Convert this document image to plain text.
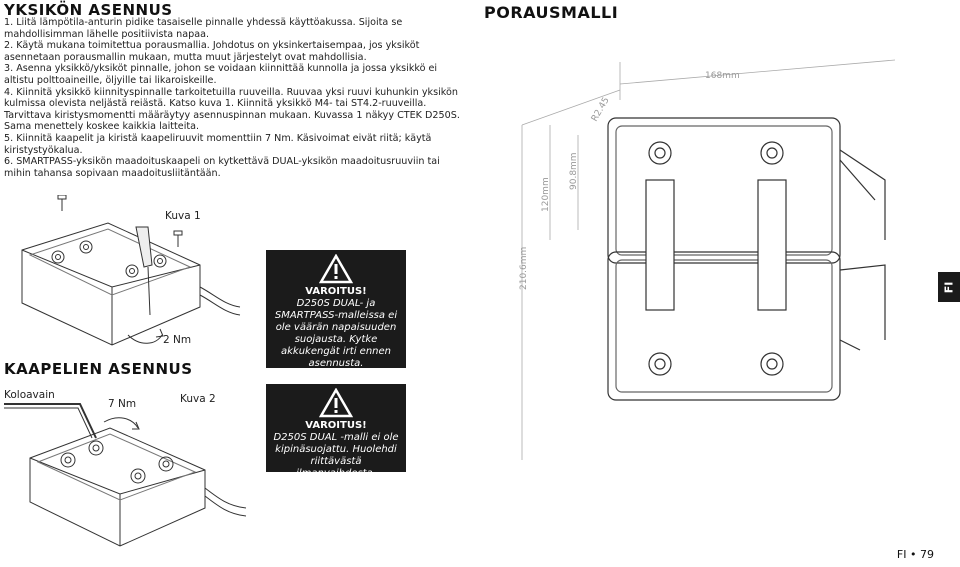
YKSIKÖN ASENNUS

1. Liitä lämpötila-anturin pidike tasaiselle pinnalle yhdessä käyttöakussa. Sijoita se mahdollisimman lähelle positiivista napaa.

2. Käytä mukana toimitettua porausmallia. Johdotus on yksinkertaisempaa, jos yksiköt asennetaan porausmallin mukaan, mutta muut järjestelyt ovat mahdollisia.

3. Asenna yksikkö/yksiköt pinnalle, johon se voidaan kiinnittää kunnolla ja jossa yksikkö ei altistu polttoaineille, öljyille tai likaroiskeille.

4. Kiinnitä yksikkö kiinnityspinnalle tarkoitetuilla ruuveilla. Ruuvaa yksi ruuvi kuhunkin yksikön kulmissa olevista neljästä reiästä. Katso kuva 1. Kiinnitä yksikkö M4- tai ST4.2-ruuveilla. Tarvittava kiristysmomentti määräytyy asennuspinnan mukaan. Kuvassa 1 näkyy CTEK D250S. Sama menettely koskee kaikkia laitteita.

5. Kiinnitä kaapelit ja kiristä kaapeliruuvit momenttiin 7 Nm. Käsivoimat eivät riitä; käytä kiristystyökalua.

6. SMARTPASS-yksikön maadoituskaapeli on kytkettävä DUAL-yksikön maadoitusruuviin tai mihin tahansa sopivaan maadoitusliitäntään.

Kuva 1
2 Nm
KAAPELIEN ASENNUS
Koloavain
7 Nm	Kuva 2
VAROITUS!
D250S DUAL- ja SMARTPASS-malleissa ei ole väärän napaisuuden suojausta. Kytke akkukengät irti ennen asennusta.
VAROITUS!
D250S DUAL -malli ei ole kipinäsuojattu. Huolehdi riittävästä ilmanvaihdosta.
PORAUSMALLI
168mm
R2.45
120mm
90.8mm
210.6mm	FI
FI • 79
